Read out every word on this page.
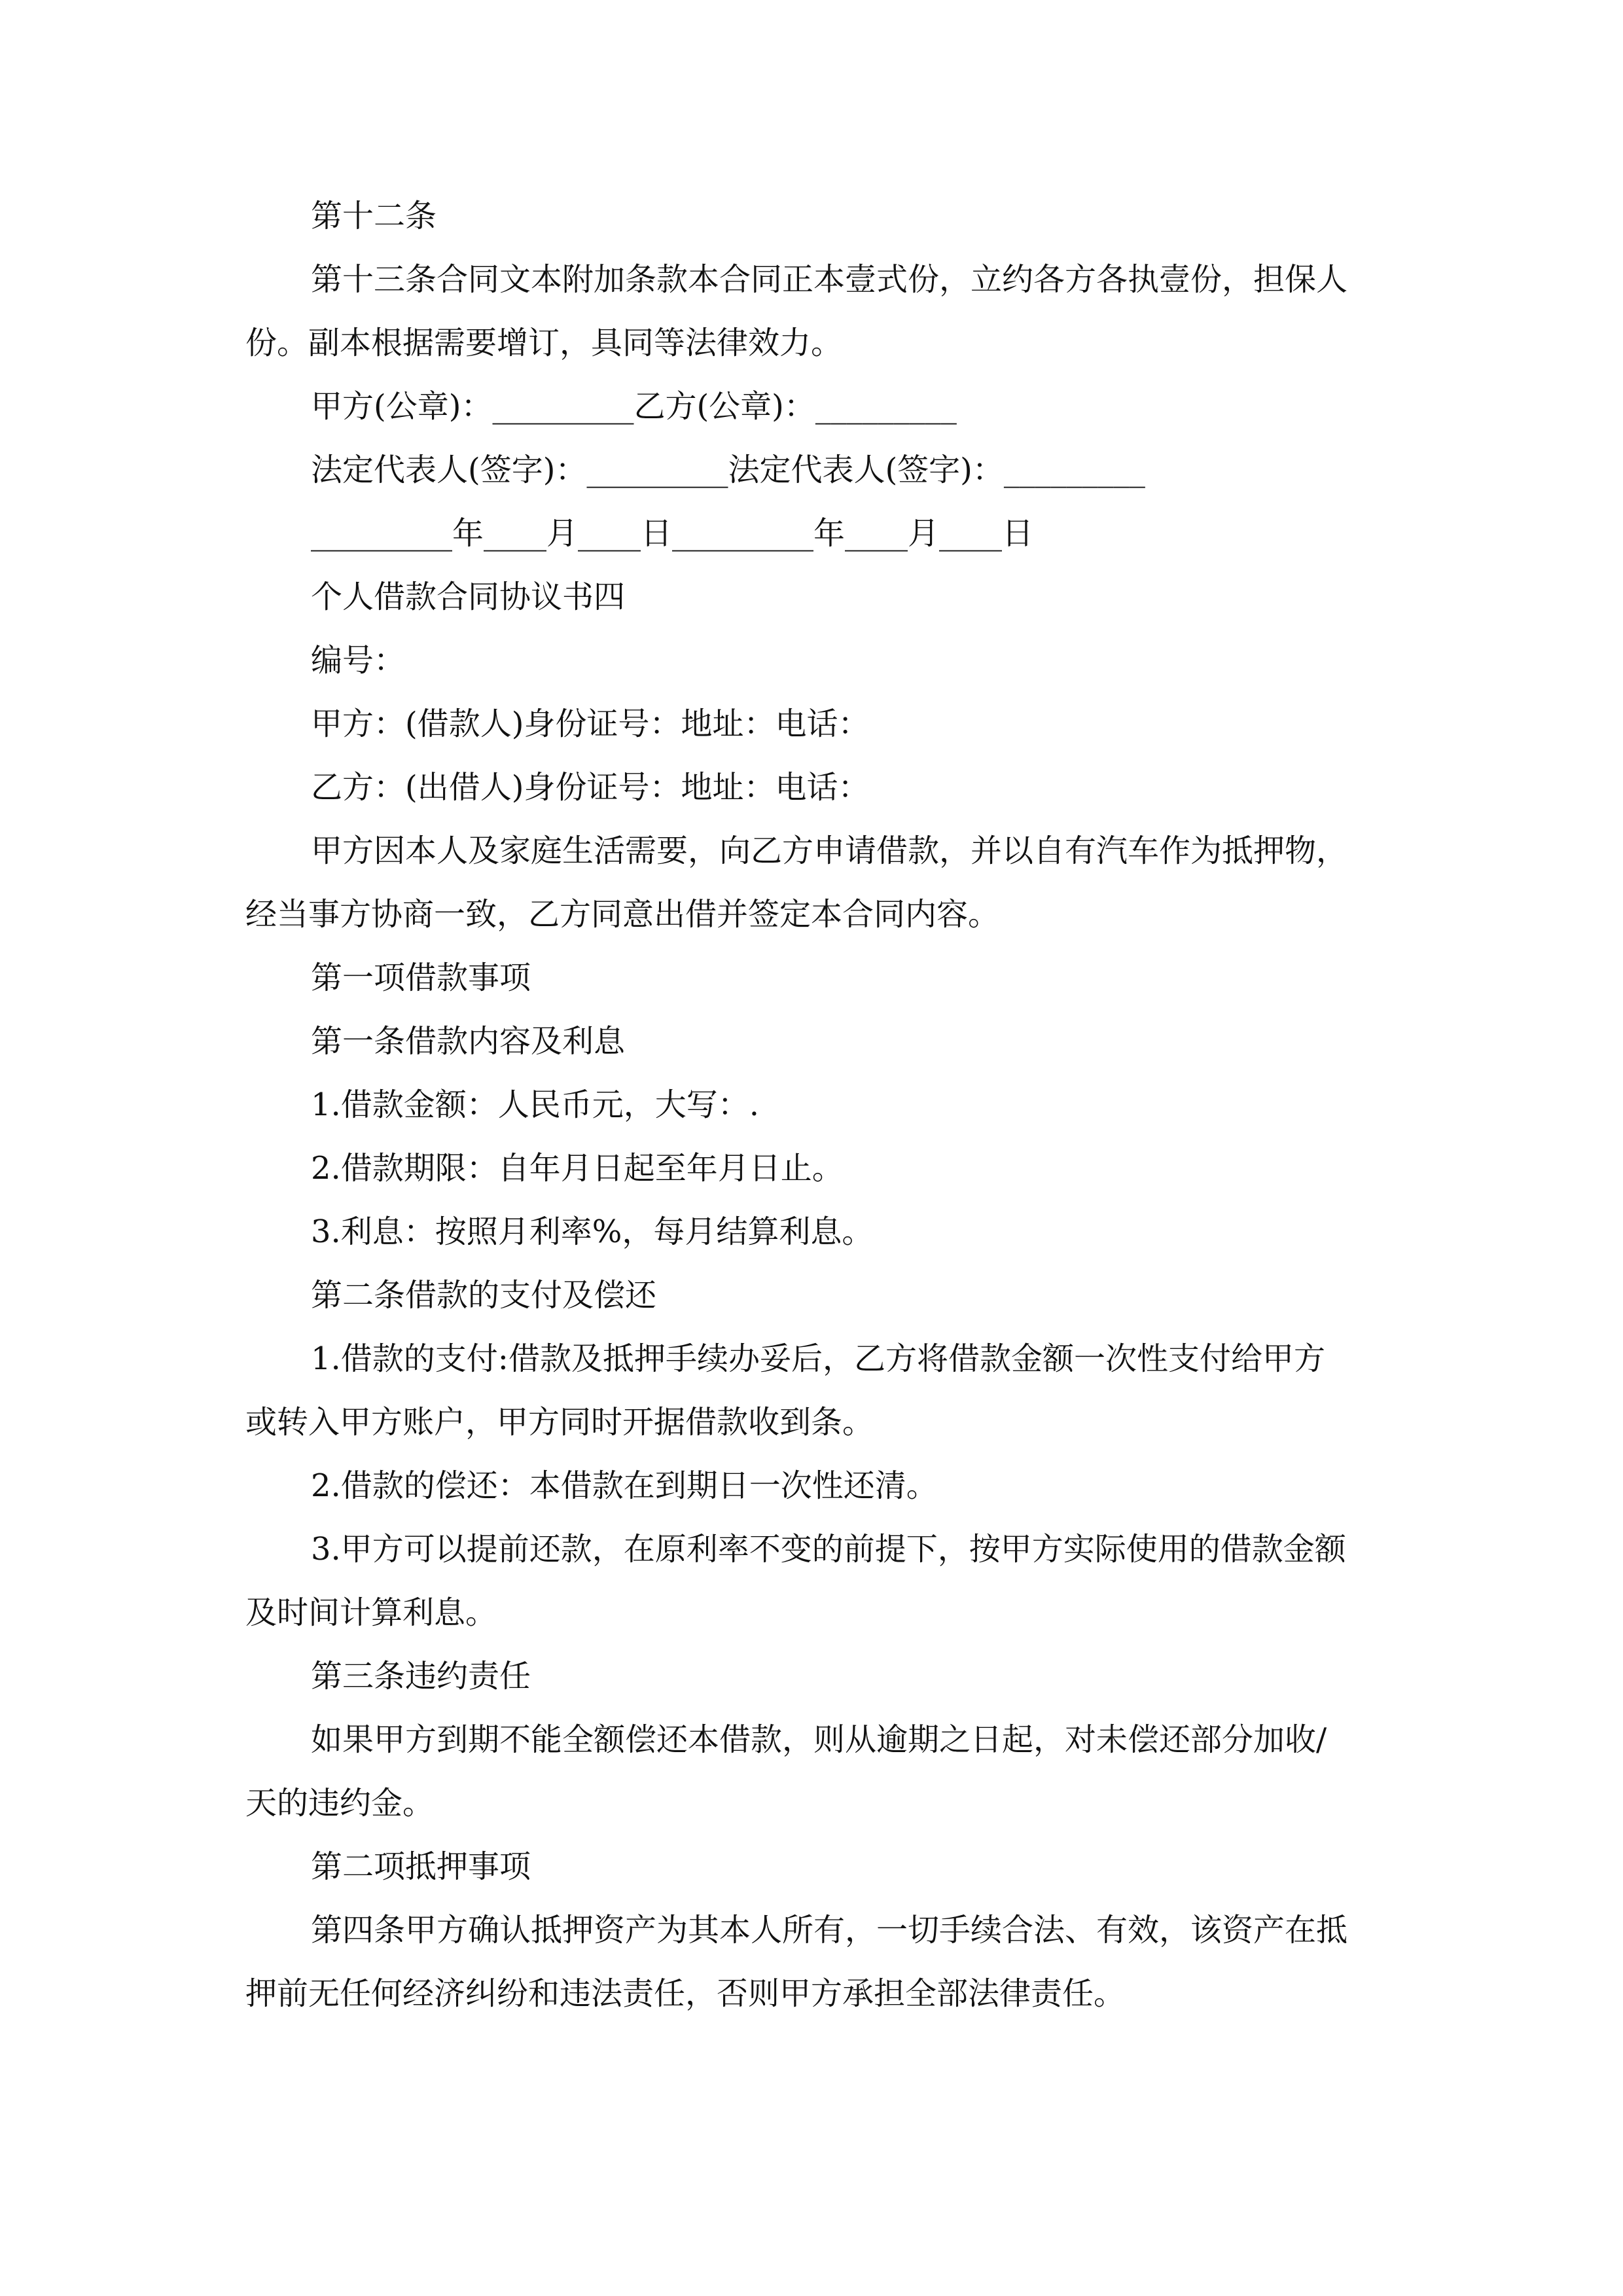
第十二条
第十三条合同文本附加条款本合同正本壹式份，立约各方各执壹份，担保人
份。副本根据需要增订，具同等法律效力。
甲方(公章)：_________乙方(公章)：_________
法定代表人(签字)：_________法定代表人(签字)：_________
_________年____月____日_________年____月____日
个人借款合同协议书四
编号：
甲方：(借款人)身份证号：地址：电话：
乙方：(出借人)身份证号：地址：电话：
甲方因本人及家庭生活需要，向乙方申请借款，并以自有汽车作为抵押物，
经当事方协商一致，乙方同意出借并签定本合同内容。
第一项借款事项
第一条借款内容及利息
1.借款金额：人民币元，大写：.
2.借款期限：自年月日起至年月日止。
3.利息：按照月利率%，每月结算利息。
第二条借款的支付及偿还
1.借款的支付:借款及抵押手续办妥后，乙方将借款金额一次性支付给甲方
或转入甲方账户，甲方同时开据借款收到条。
2.借款的偿还：本借款在到期日一次性还清。
3.甲方可以提前还款，在原利率不变的前提下，按甲方实际使用的借款金额
及时间计算利息。
第三条违约责任
如果甲方到期不能全额偿还本借款，则从逾期之日起，对未偿还部分加收/
天的违约金。
第二项抵押事项
第四条甲方确认抵押资产为其本人所有，一切手续合法、有效，该资产在抵
押前无任何经济纠纷和违法责任，否则甲方承担全部法律责任。
